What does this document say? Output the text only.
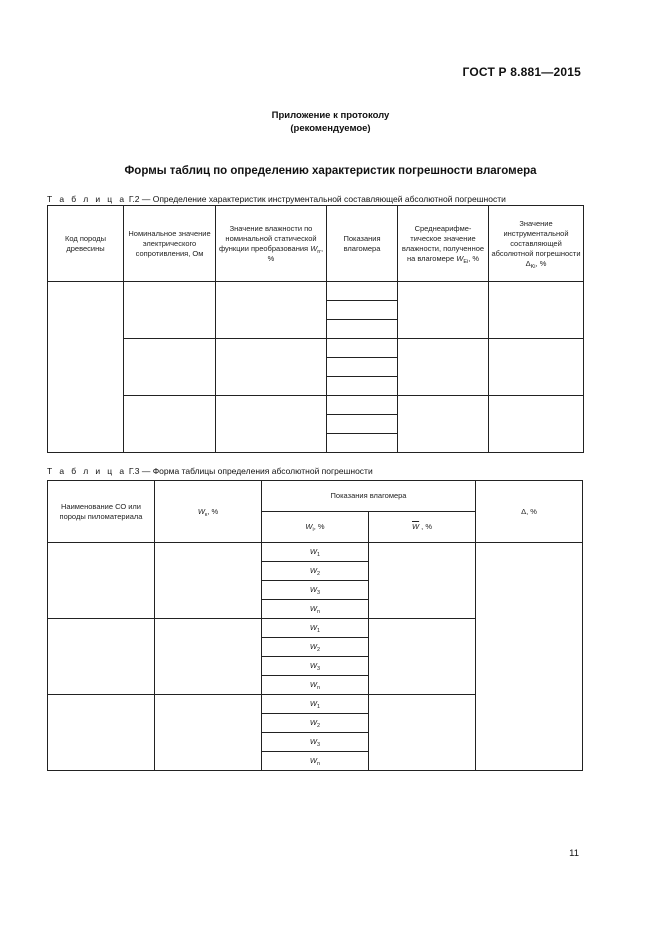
ГОСТ Р 8.881—2015
Приложение к протоколу
(рекомендуемое)
Формы таблиц по определению характеристик погрешности влагомера
Т а б л и ц а Г.2 — Определение характеристик инструментальной составляющей абсолютной погрешности
Код породы древесины	Номинальное значение электрического сопротивления, Ом	Значение влажности по номинальной статической функции преобразования $W_{rr}$, %	Показания влагомера	Среднеарифме-тическое значение влажности, полученное на влагомере $W_{Ei}$, %	Значение инструментальной составляющей абсолютной погрешности $\Delta_{Ki}$, %

Т а б л и ц а Г.3 — Форма таблицы определения абсолютной погрешности
Наименование СО или породы пиломатериала	$W_к$, %	Показания влагомера		Δ, %
		$W_i$, %	$\overline{W}$ , %	
		$W_1$		
		$W_2$
		$W_3$
		$W_n$
		$W_1$	
		$W_2$
		$W_3$
		$W_n$
		$W_1$	
		$W_2$
		$W_3$
		$W_n$
11
